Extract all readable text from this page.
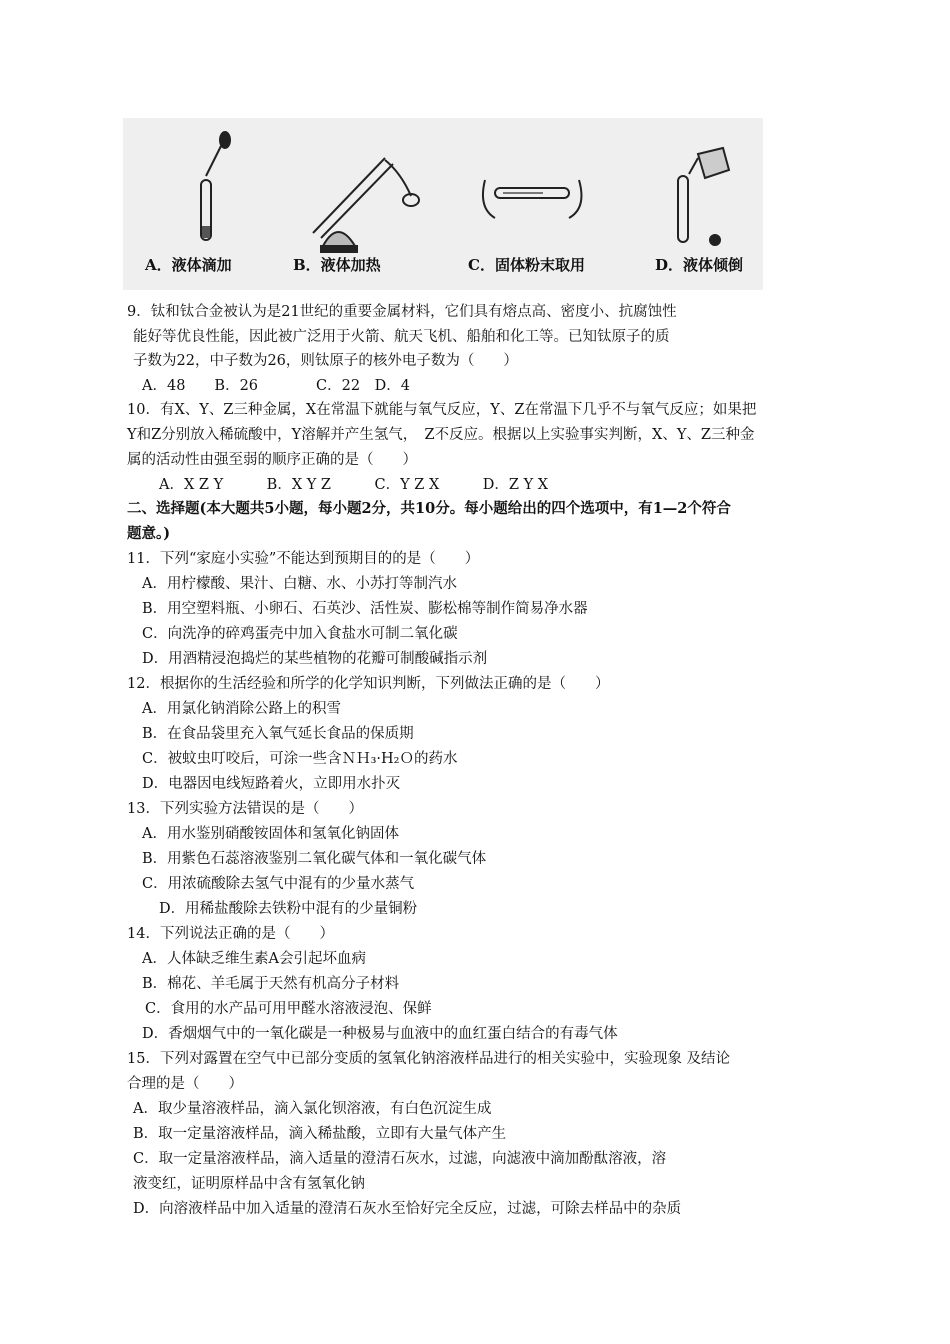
A．液体滴加	B．液体加热	C．固体粉末取用	D．液体倾倒
9．钛和钛合金被认为是21世纪的重要金属材料，它们具有熔点高、密度小、抗腐蚀性
能好等优良性能，因此被广泛用于火箭、航天飞机、船舶和化工等。已知钛原子的质
子数为22，中子数为26，则钛原子的核外电子数为（　　）
A．48　　B．26　　　　C．22　D．4
10．有X、Y、Z三种金属，X在常温下就能与氧气反应，Y、Z在常温下几乎不与氧气反应；如果把
Y和Z分别放入稀硫酸中，Y溶解并产生氢气，　Z不反应。根据以上实验事实判断，X、Y、Z三种金
属的活动性由强至弱的顺序正确的是（　　）
A．X Z Y　　　B．X Y Z　　　C．Y Z X　　　D．Z Y X
二、选择题(本大题共5小题，每小题2分，共10分。每小题给出的四个选项中，有1—2个符合
题意。)
11．下列“家庭小实验”不能达到预期目的的是（　　）
A．用柠檬酸、果汁、白糖、水、小苏打等制汽水
B．用空塑料瓶、小卵石、石英沙、活性炭、膨松棉等制作简易净水器
C．向洗净的碎鸡蛋壳中加入食盐水可制二氧化碳
D．用酒精浸泡捣烂的某些植物的花瓣可制酸碱指示剂
12．根据你的生活经验和所学的化学知识判断，下列做法正确的是（　　）
A．用氯化钠消除公路上的积雪
B．在食品袋里充入氧气延长食品的保质期
C．被蚊虫叮咬后，可涂一些含ＮＨ₃·H₂Ｏ的药水
D．电器因电线短路着火，立即用水扑灭
13．下列实验方法错误的是（　　）
A．用水鉴别硝酸铵固体和氢氧化钠固体
B．用紫色石蕊溶液鉴别二氧化碳气体和一氧化碳气体
C．用浓硫酸除去氢气中混有的少量水蒸气
D．用稀盐酸除去铁粉中混有的少量铜粉
14．下列说法正确的是（　　）
A．人体缺乏维生素A会引起坏血病
B．棉花、羊毛属于天然有机高分子材料
C．食用的水产品可用甲醛水溶液浸泡、保鲜
D．香烟烟气中的一氧化碳是一种极易与血液中的血红蛋白结合的有毒气体
15．下列对露置在空气中已部分变质的氢氧化钠溶液样品进行的相关实验中，实验现象 及结论
合理的是（　　）
A．取少量溶液样品，滴入氯化钡溶液，有白色沉淀生成
B．取一定量溶液样品，滴入稀盐酸，立即有大量气体产生
C．取一定量溶液样品，滴入适量的澄清石灰水，过滤，向滤液中滴加酚酞溶液，溶
液变红，证明原样品中含有氢氧化钠
D．向溶液样品中加入适量的澄清石灰水至恰好完全反应，过滤，可除去样品中的杂质
